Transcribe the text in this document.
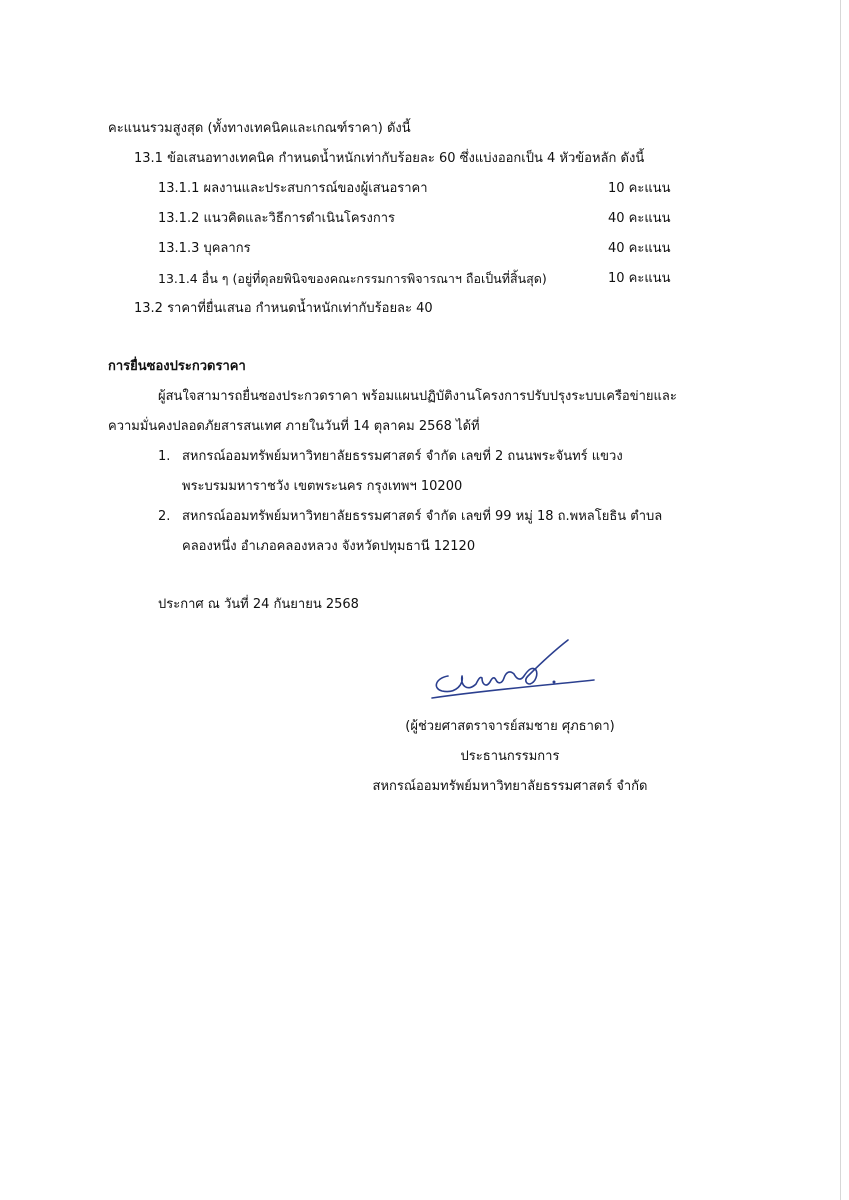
คะแนนรวมสูงสุด (ทั้งทางเทคนิคและเกณฑ์ราคา) ดังนี้
13.1 ข้อเสนอทางเทคนิค กำหนดน้ำหนักเท่ากับร้อยละ 60 ซึ่งแบ่งออกเป็น 4 หัวข้อหลัก ดังนี้
13.1.1 ผลงานและประสบการณ์ของผู้เสนอราคา	10 คะแนน
13.1.2 แนวคิดและวิธีการดำเนินโครงการ	40 คะแนน
13.1.3 บุคลากร	40 คะแนน
13.1.4 อื่น ๆ (อยู่ที่ดุลยพินิจของคณะกรรมการพิจารณาฯ ถือเป็นที่สิ้นสุด)	10 คะแนน
13.2 ราคาที่ยื่นเสนอ กำหนดน้ำหนักเท่ากับร้อยละ 40
การยื่นซองประกวดราคา
ผู้สนใจสามารถยื่นซองประกวดราคา พร้อมแผนปฏิบัติงานโครงการปรับปรุงระบบเครือข่ายและ
ความมั่นคงปลอดภัยสารสนเทศ ภายในวันที่ 14 ตุลาคม 2568 ได้ที่
1. สหกรณ์ออมทรัพย์มหาวิทยาลัยธรรมศาสตร์ จำกัด เลขที่ 2 ถนนพระจันทร์ แขวง
พระบรมมหาราชวัง เขตพระนคร กรุงเทพฯ 10200
2. สหกรณ์ออมทรัพย์มหาวิทยาลัยธรรมศาสตร์ จำกัด เลขที่ 99 หมู่ 18 ถ.พหลโยธิน ตำบล
คลองหนึ่ง อำเภอคลองหลวง จังหวัดปทุมธานี 12120
ประกาศ ณ วันที่ 24 กันยายน 2568
(ผู้ช่วยศาสตราจารย์สมชาย ศุภธาดา)
ประธานกรรมการ
สหกรณ์ออมทรัพย์มหาวิทยาลัยธรรมศาสตร์ จำกัด
